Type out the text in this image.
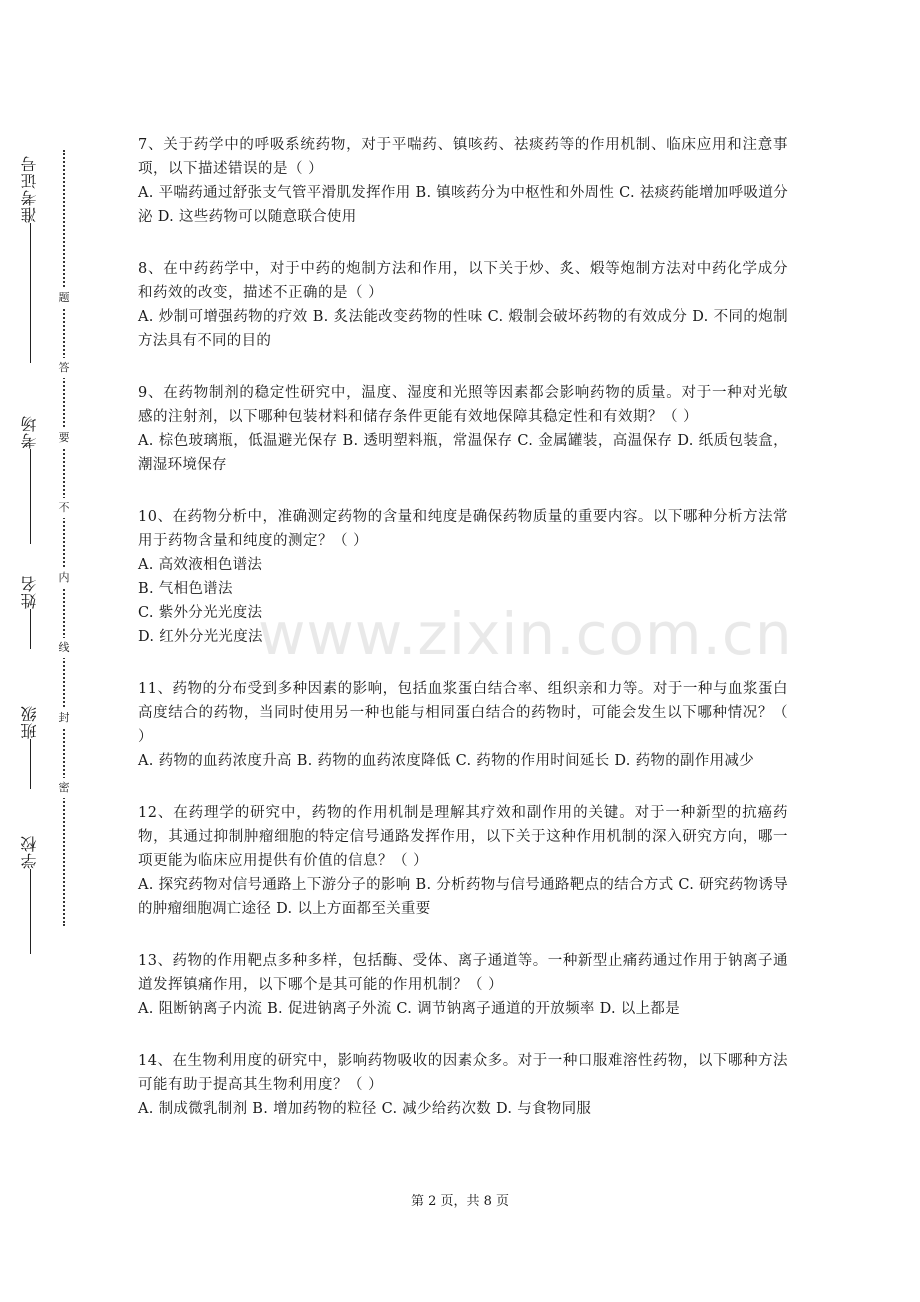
准考证号
考场
姓名
班级
学校
题
答
要
不
内
线
封
密

7、关于药学中的呼吸系统药物，对于平喘药、镇咳药、祛痰药等的作用机制、临床应用和注意事项，以下描述错误的是（ ）

A. 平喘药通过舒张支气管平滑肌发挥作用 B. 镇咳药分为中枢性和外周性 C. 祛痰药能增加呼吸道分泌 D. 这些药物可以随意联合使用

8、在中药药学中，对于中药的炮制方法和作用，以下关于炒、炙、煅等炮制方法对中药化学成分和药效的改变，描述不正确的是（ ）

A. 炒制可增强药物的疗效 B. 炙法能改变药物的性味 C. 煅制会破坏药物的有效成分 D. 不同的炮制方法具有不同的目的

9、在药物制剂的稳定性研究中，温度、湿度和光照等因素都会影响药物的质量。对于一种对光敏感的注射剂，以下哪种包装材料和储存条件更能有效地保障其稳定性和有效期？（ ）

A. 棕色玻璃瓶，低温避光保存 B. 透明塑料瓶，常温保存 C. 金属罐装，高温保存 D. 纸质包装盒，潮湿环境保存

10、在药物分析中，准确测定药物的含量和纯度是确保药物质量的重要内容。以下哪种分析方法常用于药物含量和纯度的测定？（ ）

A. 高效液相色谱法

B. 气相色谱法

C. 紫外分光光度法

D. 红外分光光度法

11、药物的分布受到多种因素的影响，包括血浆蛋白结合率、组织亲和力等。对于一种与血浆蛋白高度结合的药物，当同时使用另一种也能与相同蛋白结合的药物时，可能会发生以下哪种情况？（ ）

A. 药物的血药浓度升高 B. 药物的血药浓度降低 C. 药物的作用时间延长 D. 药物的副作用减少

12、在药理学的研究中，药物的作用机制是理解其疗效和副作用的关键。对于一种新型的抗癌药物，其通过抑制肿瘤细胞的特定信号通路发挥作用，以下关于这种作用机制的深入研究方向，哪一项更能为临床应用提供有价值的信息？（ ）

A. 探究药物对信号通路上下游分子的影响 B. 分析药物与信号通路靶点的结合方式 C. 研究药物诱导的肿瘤细胞凋亡途径 D. 以上方面都至关重要

13、药物的作用靶点多种多样，包括酶、受体、离子通道等。一种新型止痛药通过作用于钠离子通道发挥镇痛作用，以下哪个是其可能的作用机制？（ ）

A. 阻断钠离子内流 B. 促进钠离子外流 C. 调节钠离子通道的开放频率 D. 以上都是

14、在生物利用度的研究中，影响药物吸收的因素众多。对于一种口服难溶性药物，以下哪种方法可能有助于提高其生物利用度？（ ）

A. 制成微乳制剂 B. 增加药物的粒径 C. 减少给药次数 D. 与食物同服

www.zixin.com.cn
第 2 页，共 8 页
